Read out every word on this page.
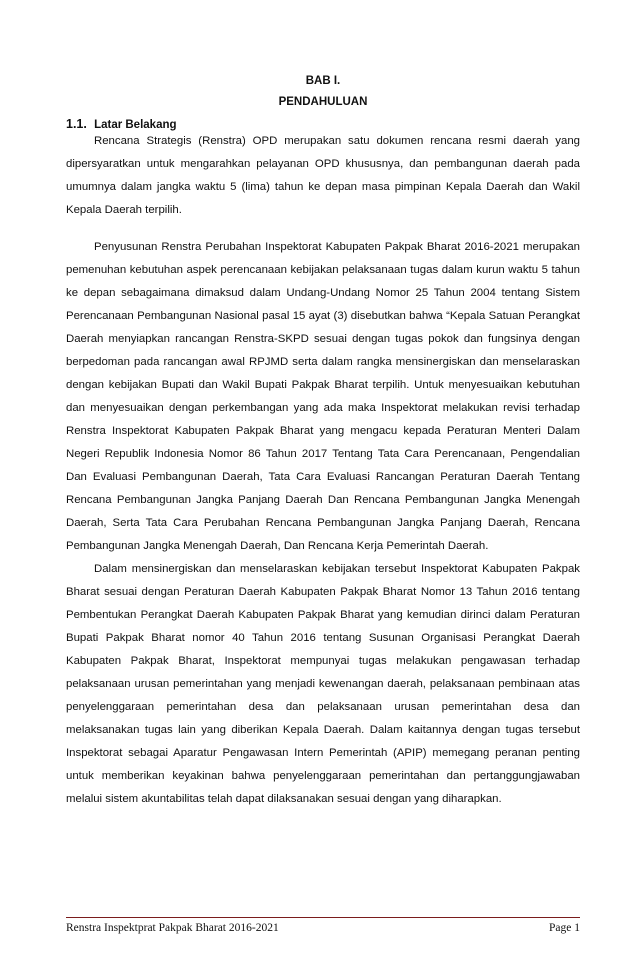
BAB I.
PENDAHULUAN
1.1. Latar Belakang

Rencana Strategis (Renstra) OPD merupakan satu dokumen rencana resmi daerah yang dipersyaratkan untuk mengarahkan pelayanan OPD khususnya, dan pembangunan daerah pada umumnya dalam jangka waktu 5 (lima) tahun ke depan masa pimpinan Kepala Daerah dan Wakil Kepala Daerah terpilih.

Penyusunan Renstra Perubahan Inspektorat Kabupaten Pakpak Bharat 2016-2021 merupakan pemenuhan kebutuhan aspek perencanaan kebijakan pelaksanaan tugas dalam kurun waktu 5 tahun ke depan sebagaimana dimaksud dalam Undang-Undang Nomor 25 Tahun 2004 tentang Sistem Perencanaan Pembangunan Nasional pasal 15 ayat (3) disebutkan bahwa “Kepala Satuan Perangkat Daerah menyiapkan rancangan Renstra-SKPD sesuai dengan tugas pokok dan fungsinya dengan berpedoman pada rancangan awal RPJMD serta dalam rangka mensinergiskan dan menselaraskan dengan kebijakan Bupati dan Wakil Bupati Pakpak Bharat terpilih. Untuk menyesuaikan kebutuhan dan menyesuaikan dengan perkembangan yang ada maka Inspektorat melakukan revisi terhadap Renstra Inspektorat Kabupaten Pakpak Bharat yang mengacu kepada Peraturan Menteri Dalam Negeri Republik Indonesia Nomor 86 Tahun 2017 Tentang Tata Cara Perencanaan, Pengendalian Dan Evaluasi Pembangunan Daerah, Tata Cara Evaluasi Rancangan Peraturan Daerah Tentang Rencana Pembangunan Jangka Panjang Daerah Dan Rencana Pembangunan Jangka Menengah Daerah, Serta Tata Cara Perubahan Rencana Pembangunan Jangka Panjang Daerah, Rencana Pembangunan Jangka Menengah Daerah, Dan Rencana Kerja Pemerintah Daerah.

Dalam mensinergiskan dan menselaraskan kebijakan tersebut Inspektorat Kabupaten Pakpak Bharat sesuai dengan Peraturan Daerah Kabupaten Pakpak Bharat Nomor 13 Tahun 2016 tentang Pembentukan Perangkat Daerah Kabupaten Pakpak Bharat yang kemudian dirinci dalam Peraturan Bupati Pakpak Bharat nomor 40 Tahun 2016 tentang Susunan Organisasi Perangkat Daerah Kabupaten Pakpak Bharat, Inspektorat mempunyai tugas melakukan pengawasan terhadap pelaksanaan urusan pemerintahan yang menjadi kewenangan daerah, pelaksanaan pembinaan atas penyelenggaraan pemerintahan desa dan pelaksanaan urusan pemerintahan desa dan melaksanakan tugas lain yang diberikan Kepala Daerah. Dalam kaitannya dengan tugas tersebut Inspektorat sebagai Aparatur Pengawasan Intern Pemerintah (APIP) memegang peranan penting untuk memberikan keyakinan bahwa penyelenggaraan pemerintahan dan pertanggungjawaban melalui sistem akuntabilitas telah dapat dilaksanakan sesuai dengan yang diharapkan.

Renstra Inspektprat Pakpak Bharat 2016-2021	Page 1
